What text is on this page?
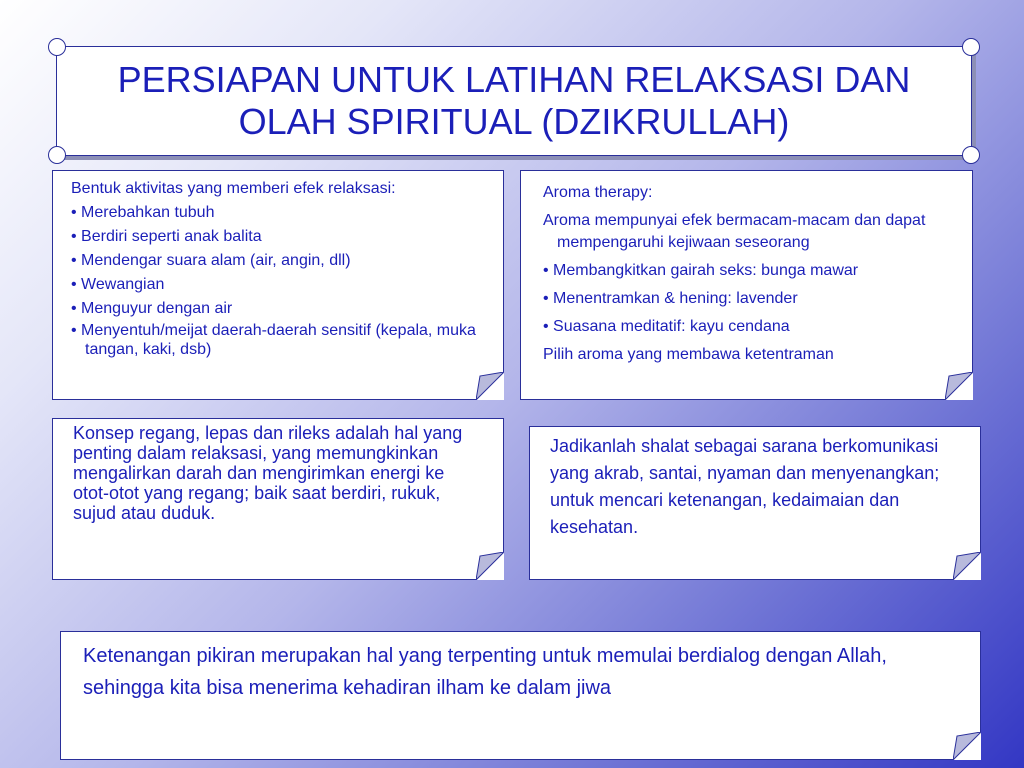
PERSIAPAN UNTUK LATIHAN RELAKSASI DAN
OLAH SPIRITUAL (DZIKRULLAH)
Bentuk aktivitas yang memberi efek relaksasi:
• Merebahkan tubuh
• Berdiri seperti anak balita
• Mendengar suara alam (air, angin, dll)
• Wewangian
• Menguyur dengan air
• Menyentuh/meijat daerah-daerah sensitif (kepala, muka tangan, kaki, dsb)
Aroma therapy:
Aroma mempunyai efek bermacam-macam dan dapat mempengaruhi kejiwaan seseorang
• Membangkitkan gairah seks: bunga mawar
• Menentramkan & hening: lavender
• Suasana meditatif: kayu cendana
Pilih aroma yang membawa ketentraman
Konsep regang, lepas dan rileks adalah hal yang penting dalam relaksasi, yang memungkinkan mengalirkan darah dan mengirimkan energi ke otot-otot yang regang; baik saat berdiri, rukuk, sujud atau duduk.
Jadikanlah shalat sebagai sarana berkomunikasi yang akrab, santai, nyaman dan menyenangkan; untuk mencari ketenangan, kedaimaian dan kesehatan.
Ketenangan pikiran merupakan hal yang terpenting untuk memulai berdialog dengan Allah, sehingga kita bisa menerima kehadiran ilham ke dalam jiwa
